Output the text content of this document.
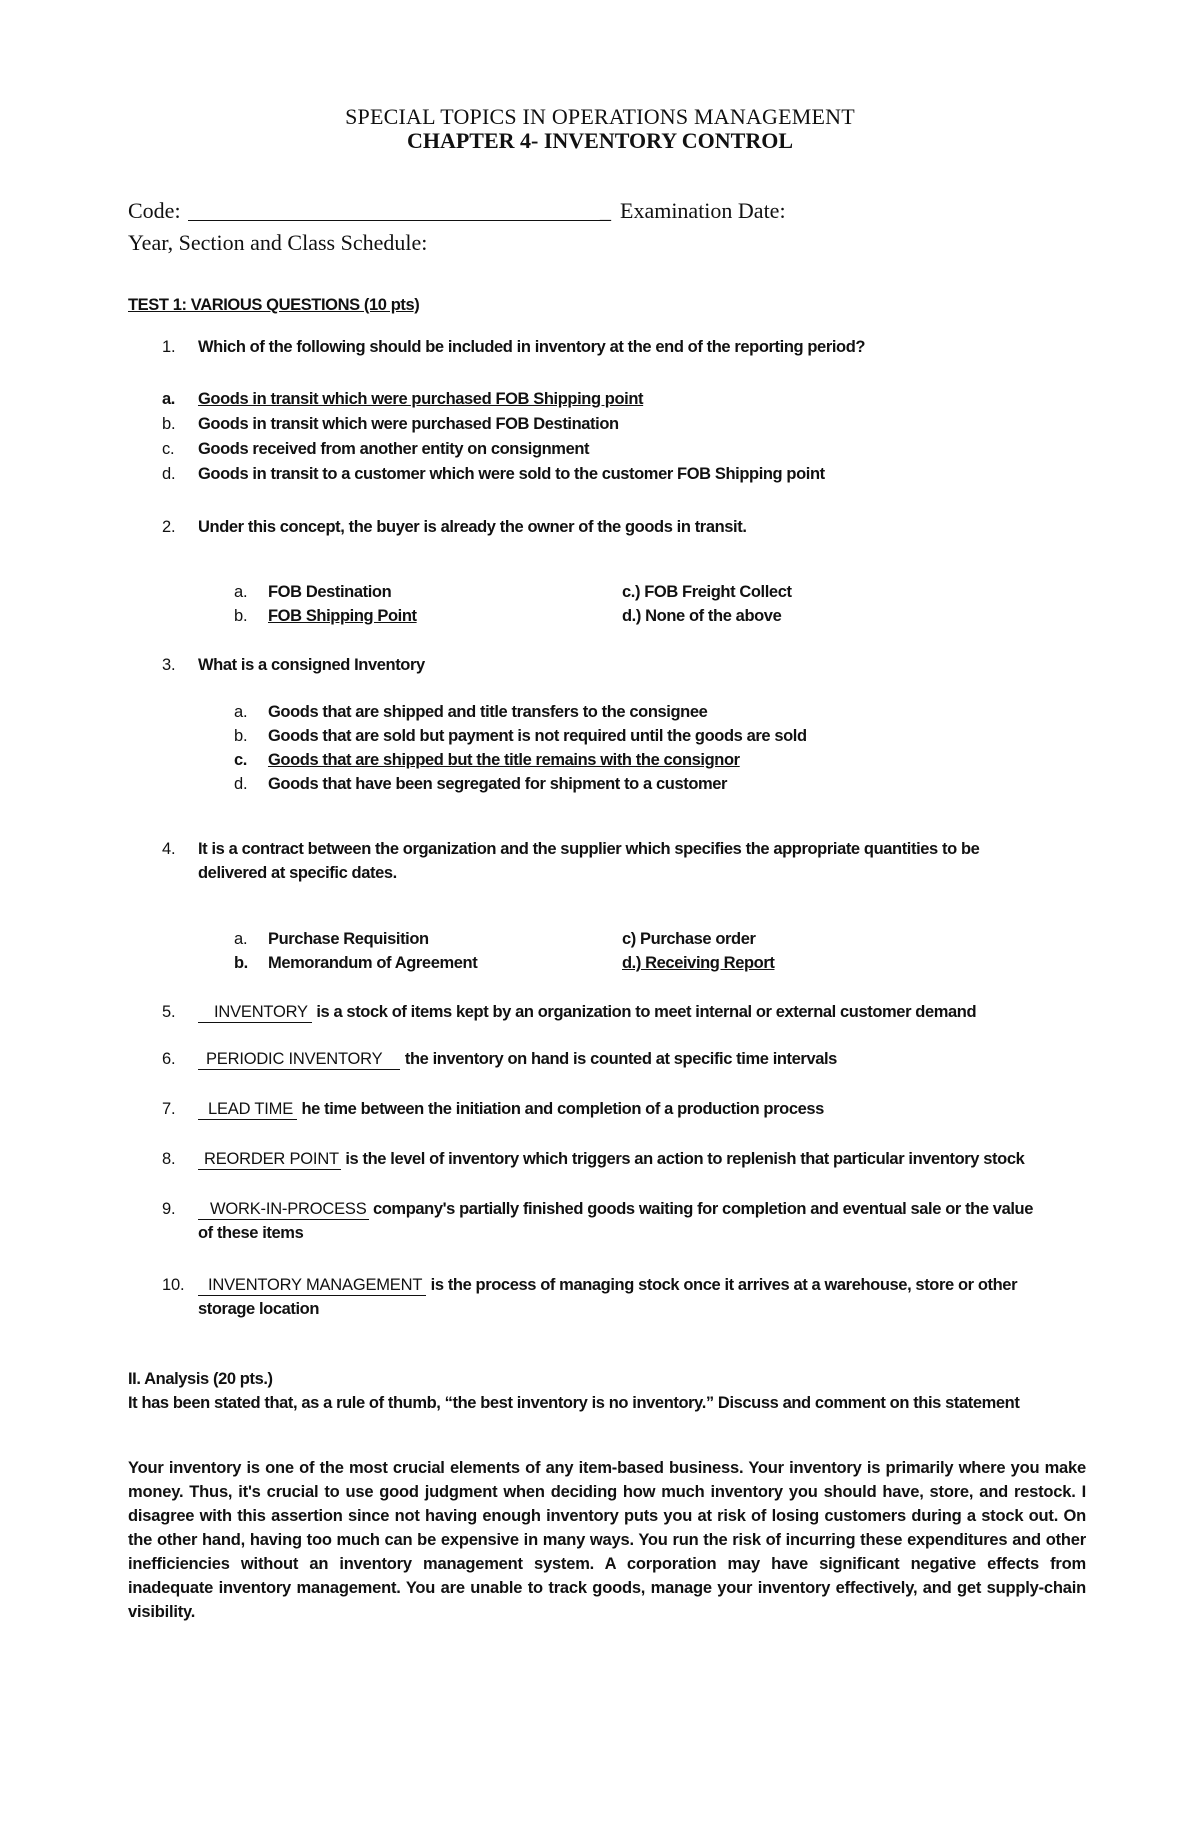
SPECIAL TOPICS IN OPERATIONS MANAGEMENT
CHAPTER 4- INVENTORY CONTROL
Code:	_ Examination Date:
Year, Section and Class Schedule:
TEST 1: VARIOUS QUESTIONS (10 pts)
1. Which of the following should be included in inventory at the end of the reporting period?
a. Goods in transit which were purchased FOB Shipping point
b. Goods in transit which were purchased FOB Destination
c. Goods received from another entity on consignment
d. Goods in transit to a customer which were sold to the customer FOB Shipping point
2. Under this concept, the buyer is already the owner of the goods in transit.
a. FOB Destination
b. FOB Shipping Point
c.) FOB Freight Collect
d.) None of the above
3. What is a consigned Inventory
a. Goods that are shipped and title transfers to the consignee
b. Goods that are sold but payment is not required until the goods are sold
c. Goods that are shipped but the title remains with the consignor
d. Goods that have been segregated for shipment to a customer
4. It is a contract between the organization and the supplier which specifies the appropriate quantities to be
delivered at specific dates.
a. Purchase Requisition
b. Memorandum of Agreement
c) Purchase order
d.) Receiving Report
5.	INVENTORY is a stock of items kept by an organization to meet internal or external customer demand
6.	PERIODIC INVENTORY the inventory on hand is counted at specific time intervals
7.	LEAD TIME he time between the initiation and completion of a production process
8.	REORDER POINT is the level of inventory which triggers an action to replenish that particular inventory stock
9.	WORK-IN-PROCESS company's partially finished goods waiting for completion and eventual sale or the value
of these items
10.	INVENTORY MANAGEMENT is the process of managing stock once it arrives at a warehouse, store or other
storage location
II. Analysis (20 pts.)
It has been stated that, as a rule of thumb, “the best inventory is no inventory.” Discuss and comment on this statement
Your inventory is one of the most crucial elements of any item-based business. Your inventory is primarily where you make money. Thus, it's crucial to use good judgment when deciding how much inventory you should have, store, and restock. I disagree with this assertion since not having enough inventory puts you at risk of losing customers during a stock out. On the other hand, having too much can be expensive in many ways. You run the risk of incurring these expenditures and other inefficiencies without an inventory management system. A corporation may have significant negative effects from inadequate inventory management. You are unable to track goods, manage your inventory effectively, and get supply-chain visibility.
